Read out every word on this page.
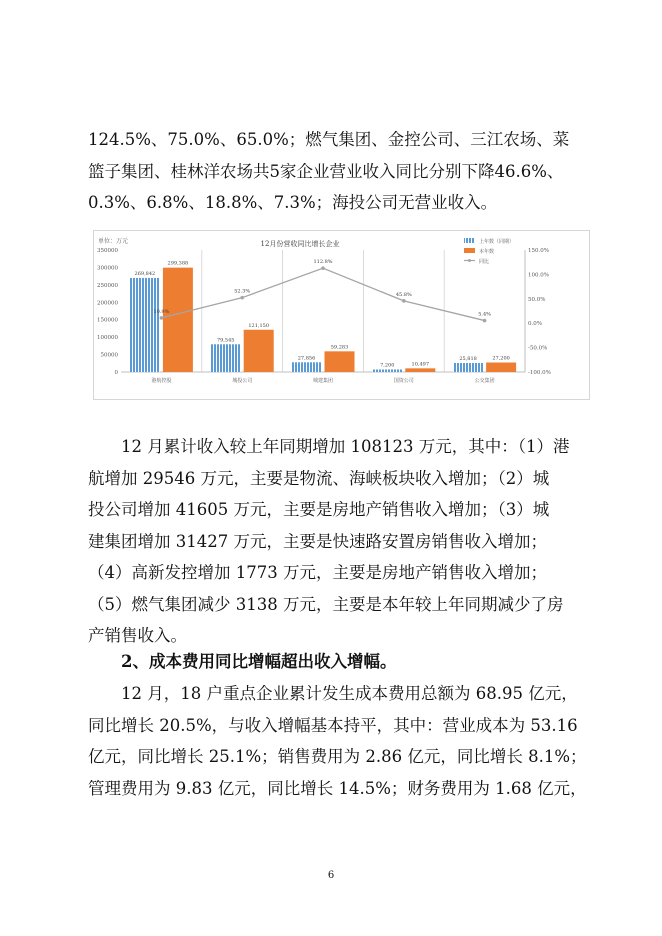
124.5%、75.0%、65.0%；燃气集团、金控公司、三江农场、菜
篮子集团、桂林洋农场共5家企业营业收入同比分别下降46.6%、
0.3%、6.8%、18.8%、7.3%；海投公司无营业收入。

0
50000
100000
150000
200000
250000
300000
350000
-100.0%
-50.0%
0.0%
50.0%
100.0%
150.0%
单位：万元	12月份营收同比增长企业
269,842
299,388
港航控股
79,545
121,150
城投公司
27,856
59,283
城建集团
7,200	10,497
国资公司
25,818	27,200
公交集团
10.9%
52.3%
112.8%
45.8%
5.4%
上年数（同期）
本年数
同比

12 月累计收入较上年同期增加 108123 万元，其中：（1）港
航增加 29546 万元，主要是物流、海峡板块收入增加；（2）城
投公司增加 41605 万元，主要是房地产销售收入增加；（3）城
建集团增加 31427 万元，主要是快速路安置房销售收入增加；
（4）高新发控增加 1773 万元，主要是房地产销售收入增加；
（5）燃气集团减少 3138 万元，主要是本年较上年同期减少了房
产销售收入。

2、成本费用同比增幅超出收入增幅。

12 月，18 户重点企业累计发生成本费用总额为 68.95 亿元，
同比增长 20.5%，与收入增幅基本持平，其中：营业成本为 53.16
亿元，同比增长 25.1%；销售费用为 2.86 亿元，同比增长 8.1%；
管理费用为 9.83 亿元，同比增长 14.5%；财务费用为 1.68 亿元，

6
